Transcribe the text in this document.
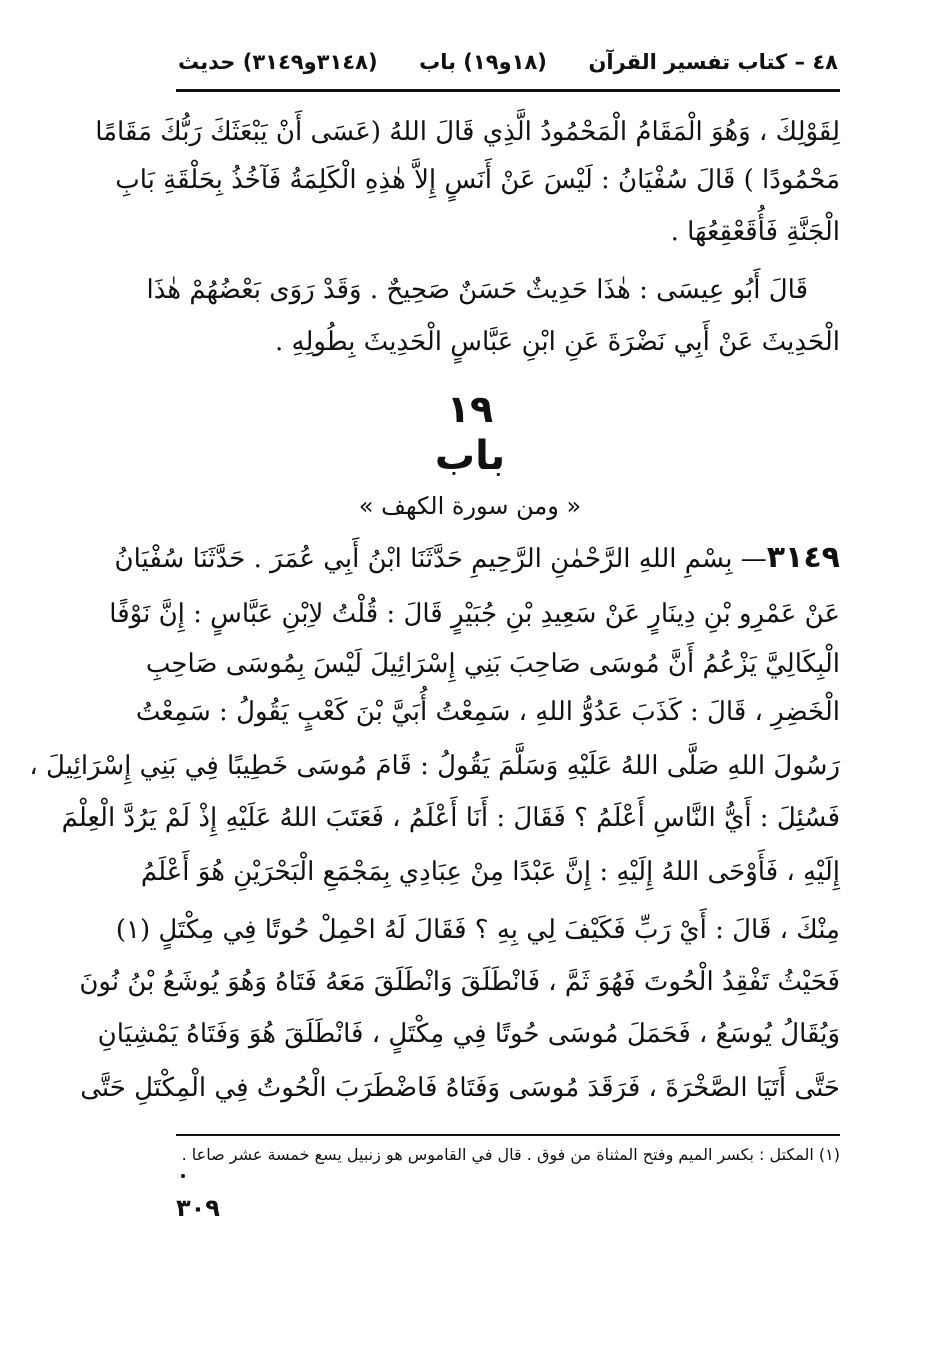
٤٨ – كتاب تفسير القرآن
(١٨و١٩) باب
(٣١٤٨و٣١٤٩) حديث
لِقَوْلِكَ ، وَهُوَ الْمَقَامُ الْمَحْمُودُ الَّذِي قَالَ اللهُ (عَسَى أَنْ يَبْعَثَكَ رَبُّكَ مَقَامًا
مَحْمُودًا ) قَالَ سُفْيَانُ : لَيْسَ عَنْ أَنَسٍ إِلاَّ هٰذِهِ الْكَلِمَةُ فَآخُذُ بِحَلْقَةِ بَابِ
الْجَنَّةِ فَأُقَعْقِعُهَا .
قَالَ أَبُو عِيسَى : هٰذَا حَدِيثٌ حَسَنٌ صَحِيحٌ . وَقَدْ رَوَى بَعْضُهُمْ هٰذَا
الْحَدِيثَ عَنْ أَبِي نَضْرَةَ عَنِ ابْنِ عَبَّاسٍ الْحَدِيثَ بِطُولِهِ .
١٩
باب
« ومن سورة الكهف »
٣١٤٩— بِسْمِ اللهِ الرَّحْمٰنِ الرَّحِيمِ حَدَّثَنَا ابْنُ أَبِي عُمَرَ . حَدَّثَنَا سُفْيَانُ
عَنْ عَمْرِو بْنِ دِينَارٍ عَنْ سَعِيدِ بْنِ جُبَيْرٍ قَالَ : قُلْتُ لاِبْنِ عَبَّاسٍ : إِنَّ نَوْفًا
الْبِكَالِيَّ يَزْعُمُ أَنَّ مُوسَى صَاحِبَ بَنِي إِسْرَائِيلَ لَيْسَ بِمُوسَى صَاحِبِ
الْخَضِرِ ، قَالَ : كَذَبَ عَدُوُّ اللهِ ، سَمِعْتُ أُبَيَّ بْنَ كَعْبٍ يَقُولُ : سَمِعْتُ
رَسُولَ اللهِ صَلَّى اللهُ عَلَيْهِ وَسَلَّمَ يَقُولُ : قَامَ مُوسَى خَطِيبًا فِي بَنِي إِسْرَائِيلَ ،
فَسُئِلَ : أَيُّ النَّاسِ أَعْلَمُ ؟ فَقَالَ : أَنَا أَعْلَمُ ، فَعَتَبَ اللهُ عَلَيْهِ إِذْ لَمْ يَرُدَّ الْعِلْمَ
إِلَيْهِ ، فَأَوْحَى اللهُ إِلَيْهِ : إِنَّ عَبْدًا مِنْ عِبَادِي بِمَجْمَعِ الْبَحْرَيْنِ هُوَ أَعْلَمُ
مِنْكَ ، قَالَ : أَيْ رَبِّ فَكَيْفَ لِي بِهِ ؟ فَقَالَ لَهُ احْمِلْ حُوتًا فِي مِكْتَلٍ (١)
فَحَيْثُ تَفْقِدُ الْحُوتَ فَهُوَ ثَمَّ ، فَانْطَلَقَ وَانْطَلَقَ مَعَهُ فَتَاهُ وَهُوَ يُوشَعُ بْنُ نُونَ
وَيُقَالُ يُوسَعُ ، فَحَمَلَ مُوسَى حُوتًا فِي مِكْتَلٍ ، فَانْطَلَقَ هُوَ وَفَتَاهُ يَمْشِيَانِ
حَتَّى أَتَيَا الصَّخْرَةَ ، فَرَقَدَ مُوسَى وَفَتَاهُ فَاضْطَرَبَ الْحُوتُ فِي الْمِكْتَلِ حَتَّى
(١) المكتل : بكسر الميم وفتح المثناة من فوق . قال في القاموس هو زنبيل يسع خمسة عشر صاعا .
٣٠٩
